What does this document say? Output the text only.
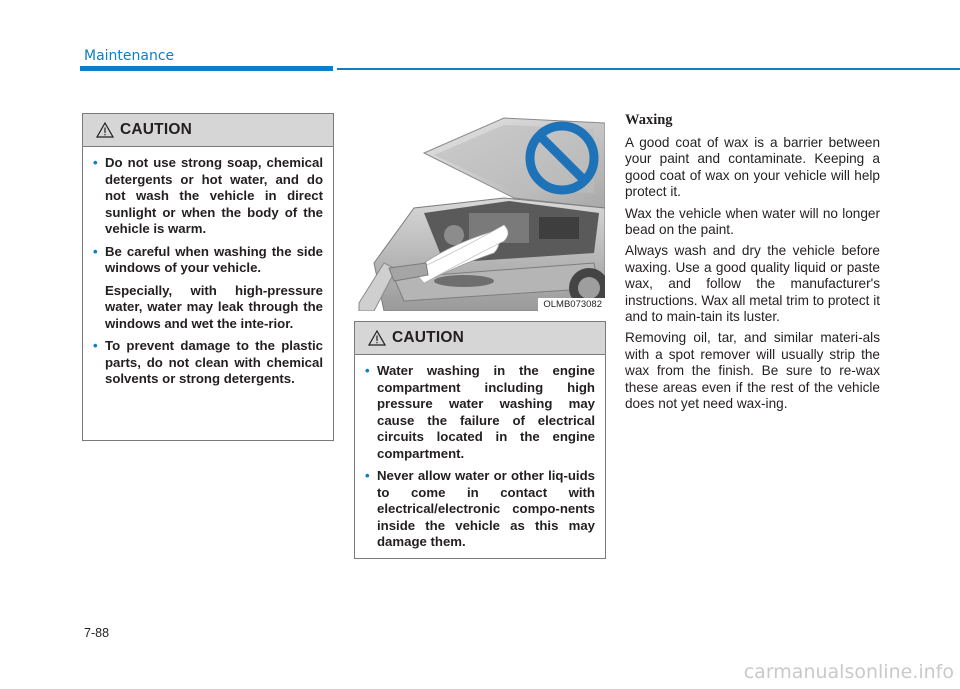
Maintenance
CAUTION

• Do not use strong soap, chemical detergents or hot water, and do not wash the vehicle in direct sunlight or when the body of the vehicle is warm.

• Be careful when washing the side windows of your vehicle.

Especially, with high-pressure water, water may leak through the windows and wet the inte-rior.

• To prevent damage to the plastic parts, do not clean with chemical solvents or strong detergents.

OLMB073082
CAUTION

• Water washing in the engine compartment including high pressure water washing may cause the failure of electrical circuits located in the engine compartment.

• Never allow water or other liq-uids to come in contact with electrical/electronic compo-nents inside the vehicle as this may damage them.

Waxing

A good coat of wax is a barrier between your paint and contaminate. Keeping a good coat of wax on your vehicle will help protect it.

Wax the vehicle when water will no longer bead on the paint.

Always wash and dry the vehicle before waxing. Use a good quality liquid or paste wax, and follow the manufacturer's instructions. Wax all metal trim to protect it and to main-tain its luster.

Removing oil, tar, and similar materi-als with a spot remover will usually strip the wax from the finish. Be sure to re-wax these areas even if the rest of the vehicle does not yet need wax-ing.

7-88
carmanualsonline.info
